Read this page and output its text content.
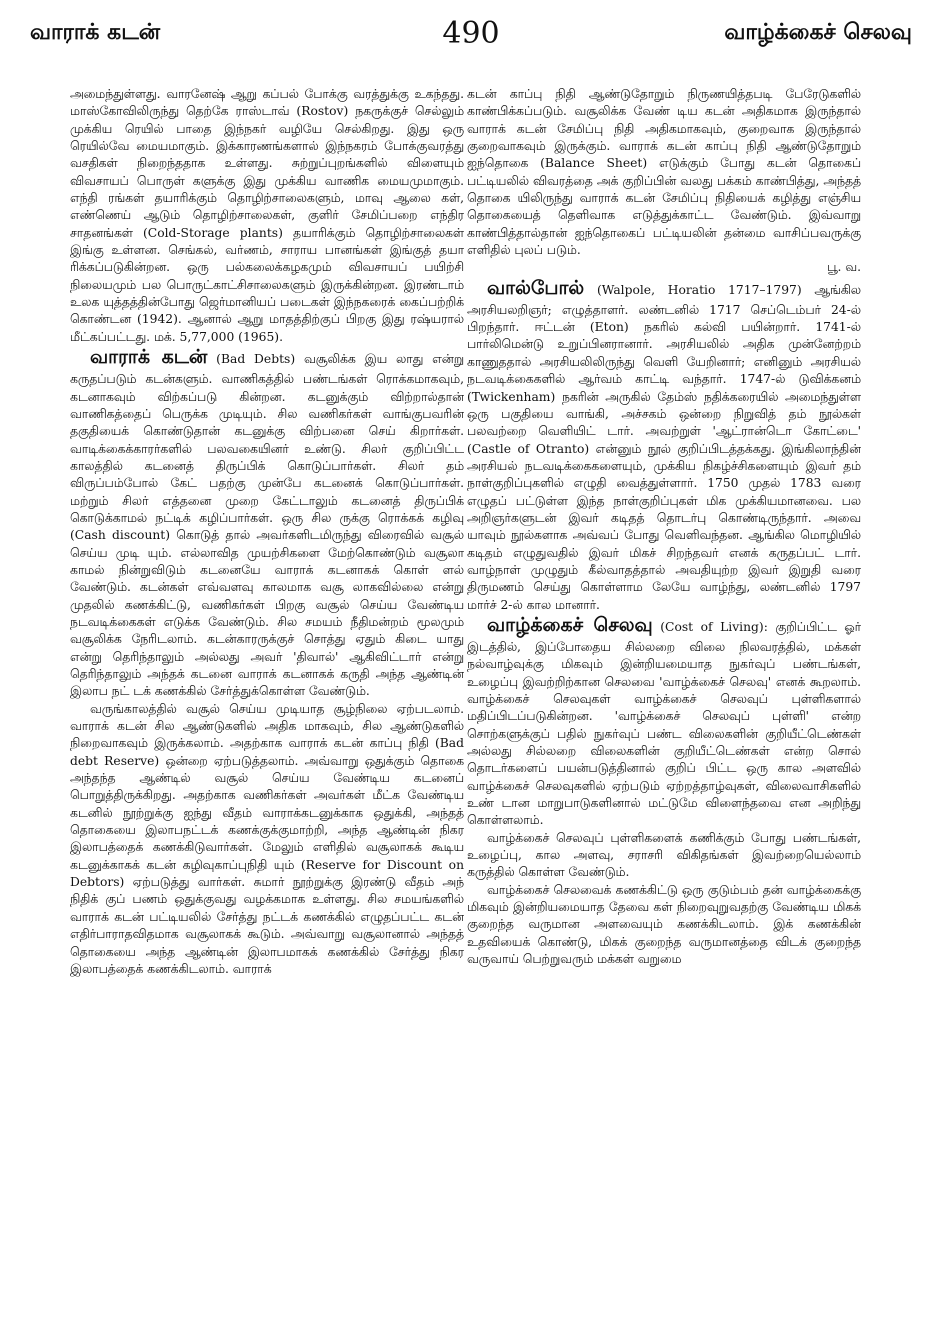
வாராக் கடன்	490	வாழ்க்கைச் செலவு

அமைந்துள்ளது. வாரனேஷ் ஆறு கப்பல் போக்கு வரத்துக்கு உகந்தது. மாஸ்கோவிலிருந்து தெற்கே ராஸ்டாவ் (Rostov) நகருக்குச் செல்லும் முக்கிய ரெயில் பாதை இந்நகர் வழியே செல்கிறது. இது ஒரு ரெயில்வே மையமாகும். இக்காரணங்களால் இந்நகரம் போக்குவரத்து வசதிகள் நிறைந்ததாக உள்ளது. சுற்றுப்புறங்களில் விளையும் விவசாயப் பொருள் களுக்கு இது முக்கிய வாணிக மையமுமாகும். எந்தி ரங்கள் தயாரிக்கும் தொழிற்சாலைகளும், மாவு ஆலை கள், எண்ணெய் ஆடும் தொழிற்சாலைகள், குளிர் சேமிப்பறை எந்திர சாதனங்கள் (Cold-Storage plants) தயாரிக்கும் தொழிற்சாலைகள் இங்கு உள்ளன. செங்கல், வர்ணம், சாராய பானங்கள் இங்குத் தயா ரிக்கப்படுகின்றன. ஒரு பல்கலைக்கழகமும் விவசாயப் பயிற்சி நிலையமும் பல பொருட்காட்சிசாலைகளும் இருக்கின்றன. இரண்டாம் உலக யுத்தத்தின்போது ஜெர்மானியப் படைகள் இந்நகரைக் கைப்பற்றிக் கொண்டன (1942). ஆனால் ஆறு மாதத்திற்குப் பிறகு இது ரஷ்யரால் மீட்கப்பட்டது. மக். 5,77,000 (1965).

வாராக் கடன் (Bad Debts) வசூலிக்க இய லாது என்று கருதப்படும் கடன்களும். வாணிகத்தில் பண்டங்கள் ரொக்கமாகவும், கடனாகவும் விற்கப்படு கின்றன. கடனுக்கும் விற்றால்தான் வாணிகத்தைப் பெருக்க முடியும். சில வணிகர்கள் வாங்குபவரின் தகுதியைக் கொண்டுதான் கடனுக்கு விற்பனை செய் கிறார்கள். வாடிக்கைக்காரர்களில் பலவகையினர் உண்டு. சிலர் குறிப்பிட்ட காலத்தில் கடனைத் திருப்பிக் கொடுப்பார்கள். சிலர் தம் விருப்பம்போல் கேட் பதற்கு முன்பே கடனைக் கொடுப்பார்கள். மற்றும் சிலர் எத்தனை முறை கேட்டாலும் கடனைத் திருப்பிக் கொடுக்காமல் நட்டிக் கழிப்பார்கள். ஒரு சில ருக்கு ரொக்கக் கழிவு (Cash discount) கொடுத் தால் அவர்களிடமிருந்து விரைவில் வசூல் செய்ய முடி யும். எல்லாவித முயற்சிகளை மேற்கொண்டும் வசூலா காமல் நின்றுவிடும் கடனையே வாராக் கடனாகக் கொள் ளல் வேண்டும். கடன்கள் எவ்வளவு காலமாக வசூ லாகவில்லை என்று முதலில் கணக்கிட்டு, வணிகர்கள் பிறகு வசூல் செய்ய வேண்டிய நடவடிக்கைகள் எடுக்க வேண்டும். சில சமயம் நீதிமன்றம் மூலமும் வசூலிக்க நேரிடலாம். கடன்காரருக்குச் சொத்து ஏதும் கிடை யாது என்று தெரிந்தாலும் அல்லது அவர் 'திவால்' ஆகிவிட்டார் என்று தெரிந்தாலும் அந்தக் கடனை வாராக் கடனாகக் கருதி அந்த ஆண்டின் இலாப நட் டக் கணக்கில் சேர்த்துக்கொள்ள வேண்டும்.

வருங்காலத்தில் வசூல் செய்ய முடியாத சூழ்நிலை ஏற்படலாம். வாராக் கடன் சில ஆண்டுகளில் அதிக மாகவும், சில ஆண்டுகளில் நிறைவாகவும் இருக்கலாம். அதற்காக வாராக் கடன் காப்பு நிதி (Bad debt Reserve) ஒன்றை ஏற்படுத்தலாம். அவ்வாறு ஒதுக்கும் தொகை அந்தந்த ஆண்டில் வசூல் செய்ய வேண்டிய கடனைப் பொறுத்திருக்கிறது. அதற்காக வணிகர்கள் அவர்கள் மீட்க வேண்டிய கடனில் நூற்றுக்கு ஐந்து வீதம் வாராக்கடனுக்காக ஒதுக்கி, அந்தத் தொகையை இலாபநட்டக் கணக்குக்குமாற்றி, அந்த ஆண்டின் நிகர இலாபத்தைக் கணக்கிடுவார்கள். மேலும் எளிதில் வசூலாகக் கூடிய கடனுக்காகக் கடன் கழிவுகாப்புநிதி யும் (Reserve for Discount on Debtors) ஏற்படுத்து வார்கள். சுமார் நூற்றுக்கு இரண்டு வீதம் அந் நிதிக் குப் பணம் ஒதுக்குவது வழக்கமாக உள்ளது. சில சமயங்களில் வாராக் கடன் பட்டியலில் சேர்த்து நட்டக் கணக்கில் எழுதப்பட்ட கடன் எதிர்பாராதவிதமாக வசூலாகக் கூடும். அவ்வாறு வசூலானால் அந்தத் தொகையை அந்த ஆண்டின் இலாபமாகக் கணக்கில் சேர்த்து நிகர இலாபத்தைக் கணக்கிடலாம். வாராக்

கடன் காப்பு நிதி ஆண்டுதோறும் நிருணயித்தபடி பேரேடுகளில் காண்பிக்கப்படும். வசூலிக்க வேண் டிய கடன் அதிகமாக இருந்தால் வாராக் கடன் சேமிப்பு நிதி அதிகமாகவும், குறைவாக இருந்தால் குறைவாகவும் இருக்கும். வாராக் கடன் காப்பு நிதி ஆண்டுதோறும் ஐந்தொகை (Balance Sheet) எடுக்கும் போது கடன் தொகைப் பட்டியலில் விவரத்தை அக் குறிப்பின் வலது பக்கம் காண்பித்து, அந்தத் தொகை யிலிருந்து வாராக் கடன் சேமிப்பு நிதியைக் கழித்து எஞ்சிய தொகையைத் தெளிவாக எடுத்துக்காட்ட வேண்டும். இவ்வாறு காண்பித்தால்தான் ஐந்தொகைப் பட்டியலின் தன்மை வாசிப்பவருக்கு எளிதில் புலப் படும்.

பூ. வ.

வால்போல் (Walpole, Horatio 1717–1797) ஆங்கில அரசியலறிஞர்; எழுத்தாளர். லண்டனில் 1717 செப்டெம்பர் 24-ல் பிறந்தார். ஈட்டன் (Eton) நகரில் கல்வி பயின்றார். 1741-ல் பார்லிமென்டு உறுப்பினரானார். அரசியலில் அதிக முன்னேற்றம் காணுததால் அரசியலிலிருந்து வெளி யேறினார்; எனினும் அரசியல் நடவடிக்கைகளில் ஆர்வம் காட்டி வந்தார். 1747-ல் டுவிக்கனம் (Twickenham) நகரின் அருகில் தேம்ஸ் நதிக்கரையில் அமைந்துள்ள ஒரு பகுதியை வாங்கி, அச்சகம் ஒன்றை நிறுவித் தம் நூல்கள் பலவற்றை வெளியிட் டார். அவற்றுள் 'ஆட்ரான்டொ கோட்டை' (Castle of Otranto) என்னும் நூல் குறிப்பிடத்தக்கது. இங்கிலாந்தின் அரசியல் நடவடிக்கைகளையும், முக்கிய நிகழ்ச்சிகளையும் இவர் தம் நாள்குறிப்புகளில் எழுதி வைத்துள்ளார். 1750 முதல் 1783 வரை எழுதப் பட்டுள்ள இந்த நாள்குறிப்புகள் மிக முக்கியமானவை. பல அறிஞர்களுடன் இவர் கடிதத் தொடர்பு கொண்டிருந்தார். அவை யாவும் நூல்களாக அவ்வப் போது வெளிவந்தன. ஆங்கில மொழியில் கடிதம் எழுதுவதில் இவர் மிகச் சிறந்தவர் எனக் கருதப்பட் டார். வாழ்நாள் முழுதும் கீல்வாதத்தால் அவதியுற்ற இவர் இறுதி வரை திருமணம் செய்து கொள்ளாம லேயே வாழ்ந்து, லண்டனில் 1797 மார்ச் 2-ல் கால மானார்.

வாழ்க்கைச் செலவு (Cost of Living): குறிப்பிட்ட ஓர் இடத்தில், இப்போதைய சில்லறை விலை நிலவரத்தில், மக்கள் நல்வாழ்வுக்கு மிகவும் இன்றியமையாத நுகர்வுப் பண்டங்கள், உழைப்பு இவற்றிற்கான செலவை 'வாழ்க்கைச் செலவு' எனக் கூறலாம். வாழ்க்கைச் செலவுகள் வாழ்க்கைச் செலவுப் புள்ளிகளால் மதிப்பிடப்படுகின்றன. 'வாழ்க்கைச் செலவுப் புள்ளி' என்ற சொற்களுக்குப் பதில் நுகர்வுப் பண்ட விலைகளின் குறியீட்டெண்கள் அல்லது சில்லறை விலைகளின் குறியீட்டெண்கள் என்ற சொல் தொடர்களைப் பயன்படுத்தினால் குறிப் பிட்ட ஒரு கால அளவில் வாழ்க்கைச் செலவுகளில் ஏற்படும் ஏற்றத்தாழ்வுகள், விலைவாசிகளில் உண் டான மாறுபாடுகளினால் மட்டுமே விளைந்தவை என அறிந்து கொள்ளலாம்.

வாழ்க்கைச் செலவுப் புள்ளிகளைக் கணிக்கும் போது பண்டங்கள், உழைப்பு, கால அளவு, சராசரி விகிதங்கள் இவற்றையெல்லாம் கருத்தில் கொள்ள வேண்டும்.

வாழ்க்கைச் செலவைக் கணக்கிட்டு ஒரு குடும்பம் தன் வாழ்க்கைக்கு மிகவும் இன்றியமையாத தேவை கள் நிறைவுறுவதற்கு வேண்டிய மிகக் குறைந்த வருமான அளவையும் கணக்கிடலாம். இக் கணக்கின் உதவியைக் கொண்டு, மிகக் குறைந்த வருமானத்தை விடக் குறைந்த வருவாய் பெற்றுவரும் மக்கள் வறுமை
